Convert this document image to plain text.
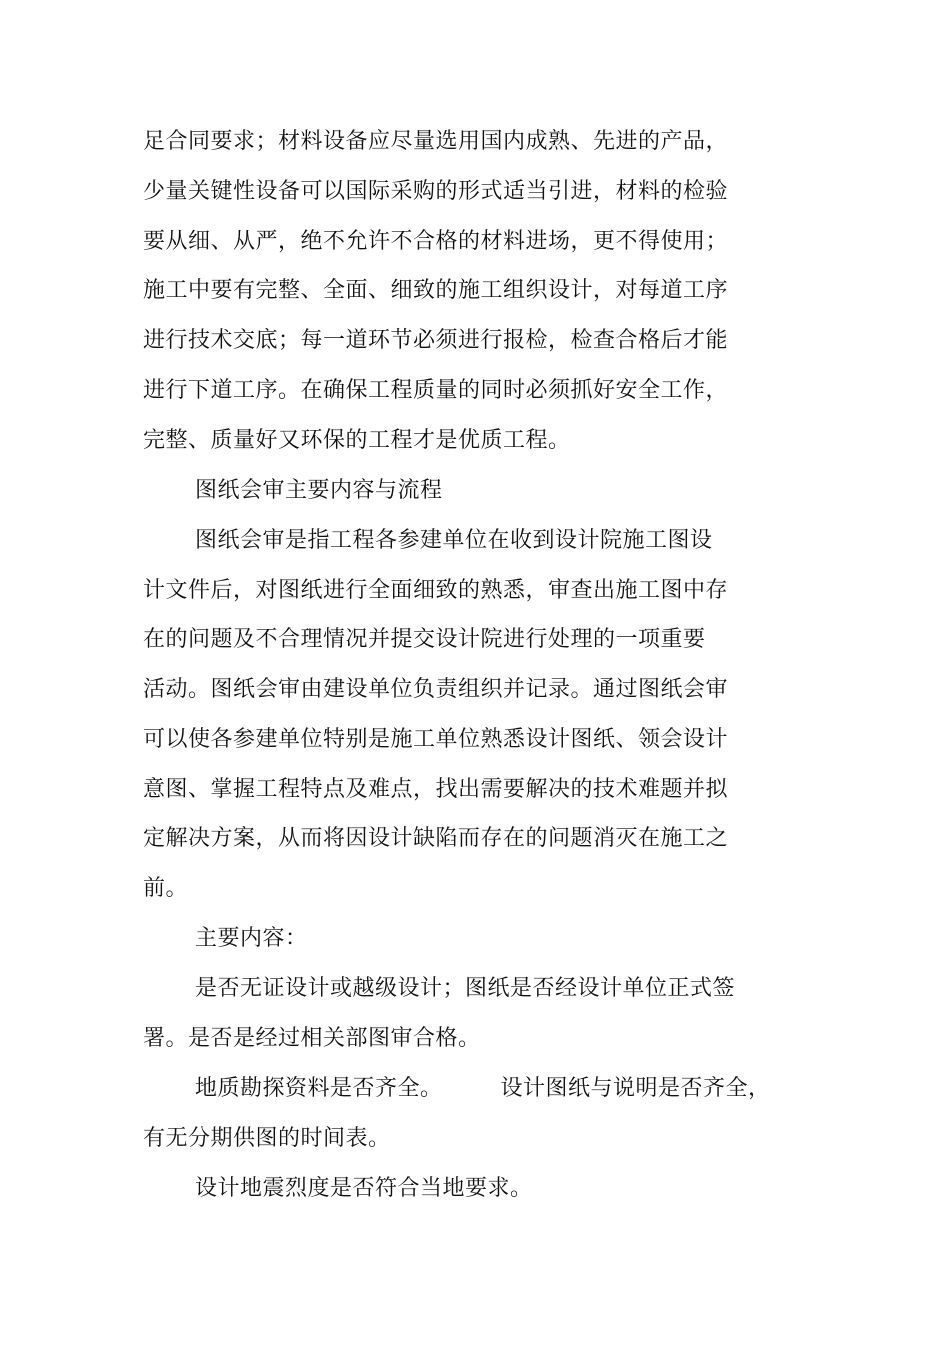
足合同要求；材料设备应尽量选用国内成熟、先进的产品，
少量关键性设备可以国际采购的形式适当引进，材料的检验
要从细、从严，绝不允许不合格的材料进场，更不得使用；
施工中要有完整、全面、细致的施工组织设计，对每道工序
进行技术交底；每一道环节必须进行报检，检查合格后才能
进行下道工序。在确保工程质量的同时必须抓好安全工作，
完整、质量好又环保的工程才是优质工程。
图纸会审主要内容与流程
图纸会审是指工程各参建单位在收到设计院施工图设
计文件后，对图纸进行全面细致的熟悉，审查出施工图中存
在的问题及不合理情况并提交设计院进行处理的一项重要
活动。图纸会审由建设单位负责组织并记录。通过图纸会审
可以使各参建单位特别是施工单位熟悉设计图纸、领会设计
意图、掌握工程特点及难点，找出需要解决的技术难题并拟
定解决方案，从而将因设计缺陷而存在的问题消灭在施工之
前。
主要内容：
是否无证设计或越级设计；图纸是否经设计单位正式签
署。是否是经过相关部图审合格。
地质勘探资料是否齐全。	设计图纸与说明是否齐全，
有无分期供图的时间表。
设计地震烈度是否符合当地要求。
